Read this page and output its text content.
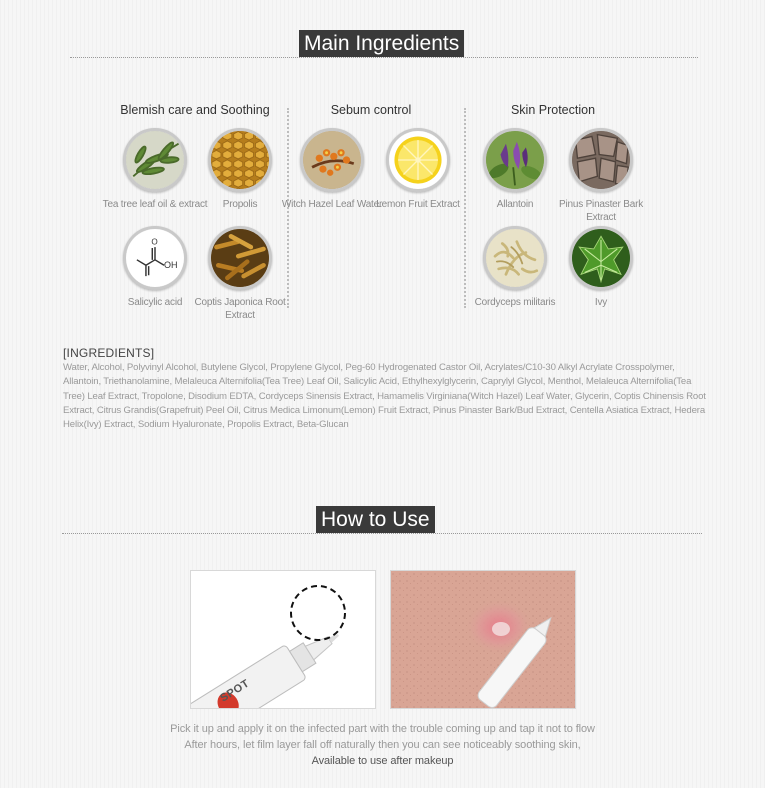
Main Ingredients
Blemish care and Soothing	Sebum control	Skin Protection
Tea tree leaf oil & extract	Propolis
O
OH
Salicylic acid	Coptis Japonica Root Extract
Witch Hazel Leaf Water
Lemon Fruit Extract	Allantoin	Pinus Pinaster Bark Extract
Cordyceps militaris	Ivy
[INGREDIENTS]
Water, Alcohol, Polyvinyl Alcohol, Butylene Glycol, Propylene Glycol, Peg-60 Hydrogenated Castor Oil, Acrylates/C10-30 Alkyl Acrylate Crosspolymer, Allantoin, Triethanolamine, Melaleuca Alternifolia(Tea Tree) Leaf Oil, Salicylic Acid, Ethylhexylglycerin, Caprylyl Glycol, Menthol, Melaleuca Alternifolia(Tea Tree) Leaf Extract, Tropolone, Disodium EDTA, Cordyceps Sinensis Extract, Hamamelis Virginiana(Witch Hazel) Leaf Water, Glycerin, Coptis Chinensis Root Extract, Citrus Grandis(Grapefruit) Peel Oil, Citrus Medica Limonum(Lemon) Fruit Extract, Pinus Pinaster Bark/Bud Extract, Centella Asiatica Extract, Hedera Helix(Ivy) Extract, Sodium Hyaluronate, Propolis Extract, Beta-Glucan
How to Use
SPOT
Pick it up and apply it on the infected part with the trouble coming up and tap it not to flow
After hours, let film layer fall off naturally then you can see noticeably soothing skin,
Available to use after makeup
